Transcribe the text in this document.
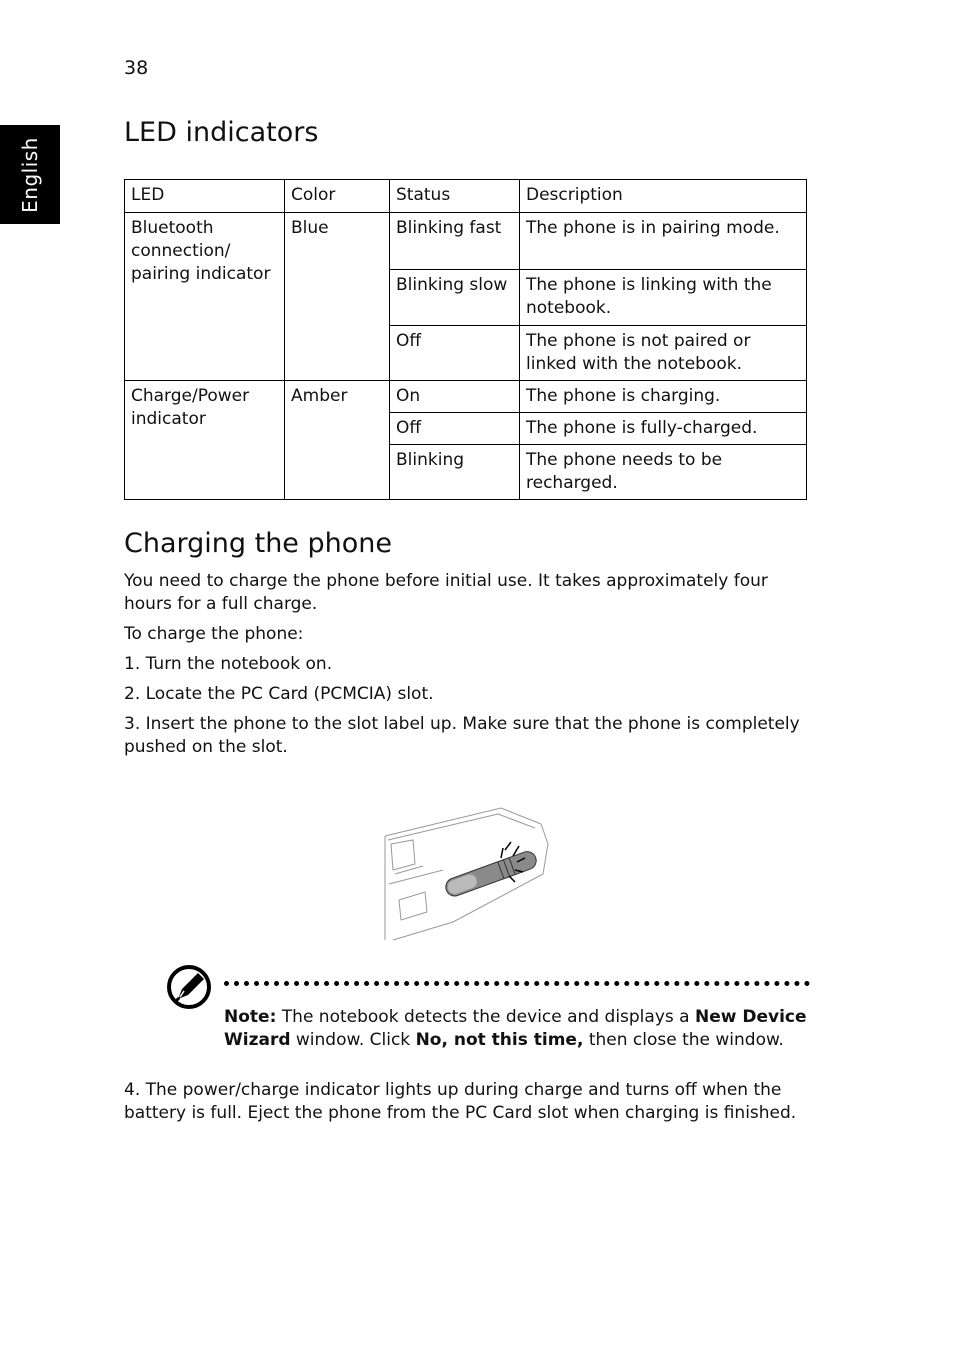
38
English
LED indicators
LED	Color	Status	Description
Bluetooth connection/ pairing indicator	Blue	Blinking fast	The phone is in pairing mode.
		Blinking slow	The phone is linking with the notebook.
		Off	The phone is not paired or linked with the notebook.
Charge/Power indicator	Amber	On	The phone is charging.
		Off	The phone is fully-charged.
		Blinking	The phone needs to be recharged.
Charging the phone

You need to charge the phone before initial use. It takes approximately four hours for a full charge.

To charge the phone:

1. Turn the notebook on.

2. Locate the PC Card (PCMCIA) slot.

3. Insert the phone to the slot label up. Make sure that the phone is completely pushed on the slot.

Note: The notebook detects the device and displays a New Device Wizard window. Click No, not this time, then close the window.

4. The power/charge indicator lights up during charge and turns off when the battery is full. Eject the phone from the PC Card slot when charging is finished.
